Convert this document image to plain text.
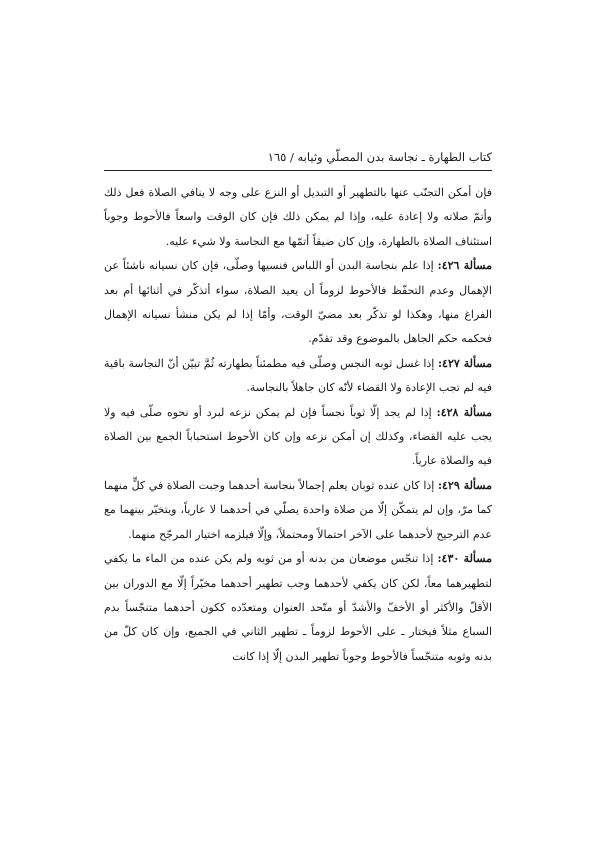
كتاب الطهارة ـ نجاسة بدن المصلّي وثيابه / ١٦٥

فإن أمكن التجنّب عنها بالتطهير أو التبديل أو النزع على وجه لا ينافي الصلاة فعل ذلك وأتمّ صلاته ولا إعادة عليه، وإذا لم يمكن ذلك فإن كان الوقت واسعاً فالأحوط وجوباً استئناف الصلاة بالطهارة، وإن كان ضيقاً أتمّها مع النجاسة ولا شيء عليه.

مسألة ٤٢٦: إذا علم بنجاسة البدن أو اللباس فنسيها وصلّى، فإن كان نسيانه ناشئاً عن الإهمال وعدم التحفّظ فالأحوط لزوماً أن يعيد الصلاة، سواء أتذكّر في أثنائها أم بعد الفراغ منها، وهكذا لو تذكّر بعد مضيّ الوقت، وأمّا إذا لم يكن منشأ نسيانه الإهمال فحكمه حكم الجاهل بالموضوع وقد تقدّم.

مسألة ٤٢٧: إذا غسل ثوبه النجس وصلّى فيه مطمئناً بطهارته ثُمَّ تبيّن أنّ النجاسة باقية فيه لم تجب الإعادة ولا القضاء لأنّه كان جاهلاً بالنجاسة.

مسألة ٤٢٨: إذا لم يجد إلّا ثوباً نجساً فإن لم يمكن نزعه لبرد أو نحوه صلّى فيه ولا يجب عليه القضاء، وكذلك إن أمكن نزعه وإن كان الأحوط استحباباً الجمع بين الصلاة فيه والصلاة عارياً.

مسألة ٤٢٩: إذا كان عنده ثوبان يعلم إجمالاً بنجاسة أحدهما وجبت الصلاة في كلٍّ منهما كما مرّ، وإن لم يتمكّن إلّا من صلاة واحدة يصلّي في أحدهما لا عارياً، ويتخيّر بينهما مع عدم الترجيح لأحدهما على الآخر احتمالاً ومحتملاً، وإلّا فيلزمه اختيار المرجّح منهما.

مسألة ٤٣٠: إذا تنجّس موضعان من بدنه أو من ثوبه ولم يكن عنده من الماء ما يكفي لتطهيرهما معاً، لكن كان يكفي لأحدهما وجب تطهير أحدهما مخيّراً إلّا مع الدوران بين الأقلّ والأكثر أو الأخفّ والأشدّ أو متّحد العنوان ومتعدّده ككون أحدهما متنجّساً بدم السباع مثلاً فيختار ـ على الأحوط لزوماً ـ تطهير الثاني في الجميع، وإن كان كلّ من بدنه وثوبه متنجّساً فالأحوط وجوباً تطهير البدن إلّا إذا كانت
